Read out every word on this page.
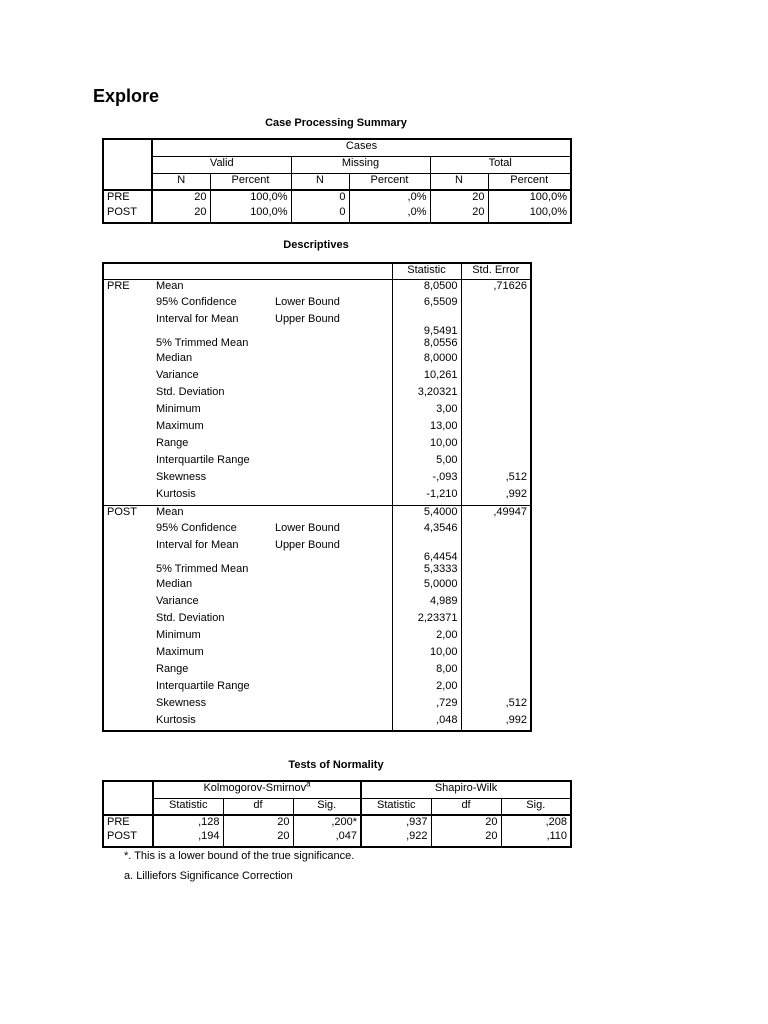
Explore
Case Processing Summary
	Cases					
	Valid		Missing		Total	
	N	Percent	N	Percent	N	Percent
PRE	20	100,0%	0	,0%	20	100,0%
POST	20	100,0%	0	,0%	20	100,0%
Descriptives
			Statistic	Std. Error
PRE	Mean		8,0500	,71626
	95% Confidence	Lower Bound	6,5509	
	Interval for Mean	Upper Bound	9,5491	
	5% Trimmed Mean		8,0556	
	Median		8,0000	
	Variance		10,261	
	Std. Deviation		3,20321	
	Minimum		3,00	
	Maximum		13,00	
	Range		10,00	
	Interquartile Range		5,00	
	Skewness		-,093	,512
	Kurtosis		-1,210	,992
POST	Mean		5,4000	,49947
	95% Confidence	Lower Bound	4,3546	
	Interval for Mean	Upper Bound	6,4454	
	5% Trimmed Mean		5,3333	
	Median		5,0000	
	Variance		4,989	
	Std. Deviation		2,23371	
	Minimum		2,00	
	Maximum		10,00	
	Range		8,00	
	Interquartile Range		2,00	
	Skewness		,729	,512
	Kurtosis		,048	,992
Tests of Normality
	Kolmogorov-Smirnov$^a$			Shapiro-Wilk		
	Statistic	df	Sig.	Statistic	df	Sig.
PRE	,128	20	,200*	,937	20	,208
POST	,194	20	,047	,922	20	,110
*. This is a lower bound of the true significance.
a. Lilliefors Significance Correction
